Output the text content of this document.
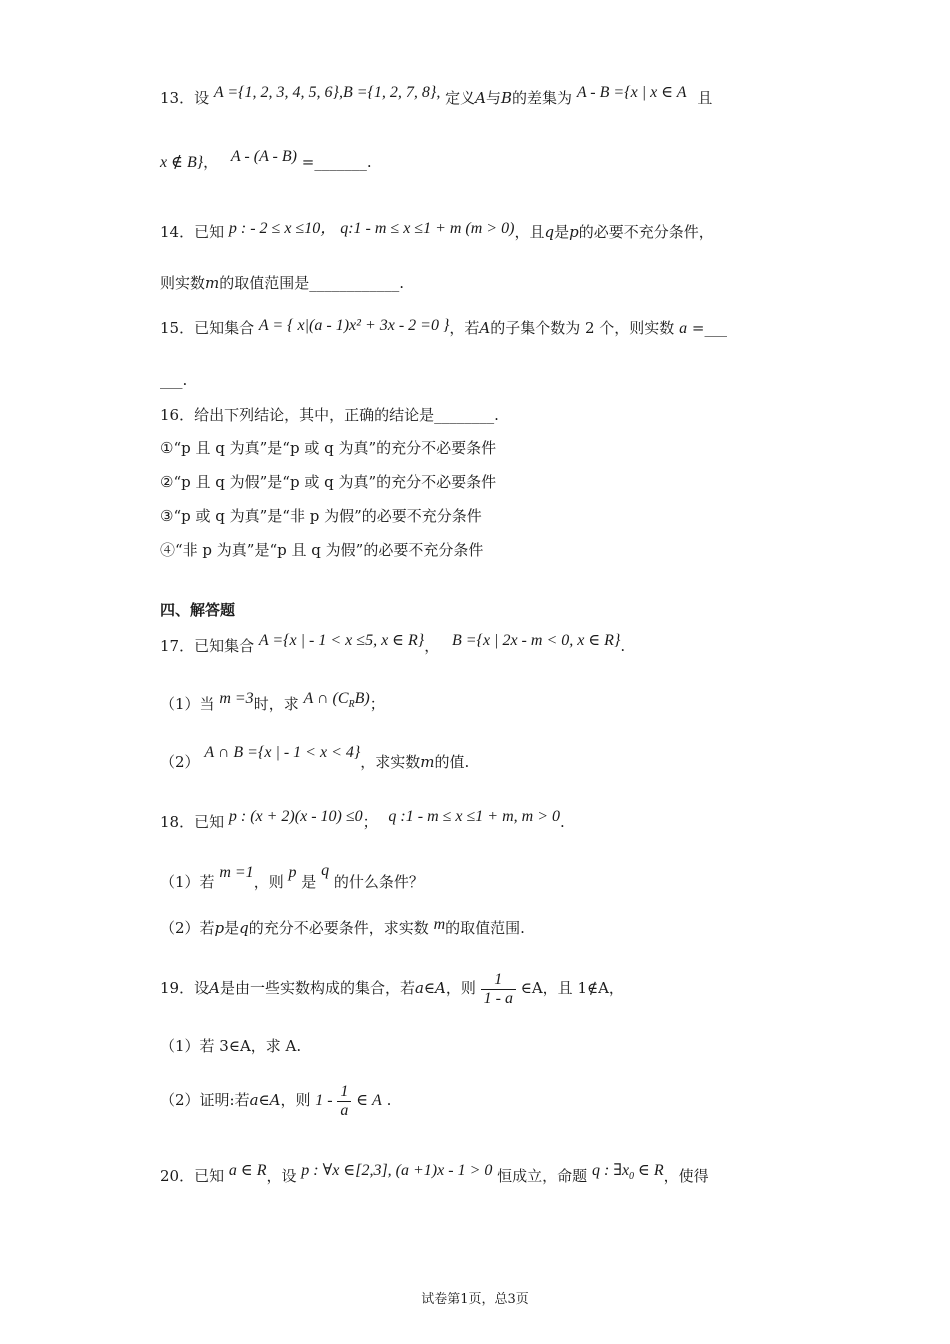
13．设 A ={1, 2, 3, 4, 5, 6},B ={1, 2, 7, 8}, 定义A与B的差集为 A - B ={x | x ∈ A 且
x ∉ B}， A - (A - B) =_______.
14．已知 p : - 2 ≤ x ≤10， q:1 - m ≤ x ≤1 + m (m > 0)，且q是p的必要不充分条件，
则实数m的取值范围是____________.
15．已知集合 A = { x|(a - 1)x² + 3x - 2 =0 }，若A的子集个数为 2 个，则实数 a =___
___.
16．给出下列结论，其中，正确的结论是________.
①“p 且 q 为真”是“p 或 q 为真”的充分不必要条件
②“p 且 q 为假”是“p 或 q 为真”的充分不必要条件
③“p 或 q 为真”是“非 p 为假”的必要不充分条件
④“非 p 为真”是“p 且 q 为假”的必要不充分条件
四、解答题
17．已知集合 A ={x | - 1 < x ≤5, x ∈ R}， B ={x | 2x - m < 0, x ∈ R}.
（1）当 m =3时，求 A ∩ $(C_RB)$；
（2） A ∩ B ={x | - 1 < x < 4}，求实数m的值.
18．已知 p : (x + 2)(x - 10) ≤0； q :1 - m ≤ x ≤1 + m, m > 0.
（1）若 m =1，则 p 是 q 的什么条件？
（2）若p是q的充分不必要条件，求实数 m的取值范围.
19．设A是由一些实数构成的集合，若a∈A，则 $\frac{1}{1 - a}$ ∈A，且 1∉A，
（1）若 3∈A，求 A.
（2）证明:若a∈A，则 $1 - \frac{1}{a}$ ∈ A .
20．已知 a ∈ R，设 p : ∀x ∈[2,3], (a +1)x - 1 > 0 恒成立，命题 q : $\exists x_0$ ∈ R，使得
试卷第1页，总3页
